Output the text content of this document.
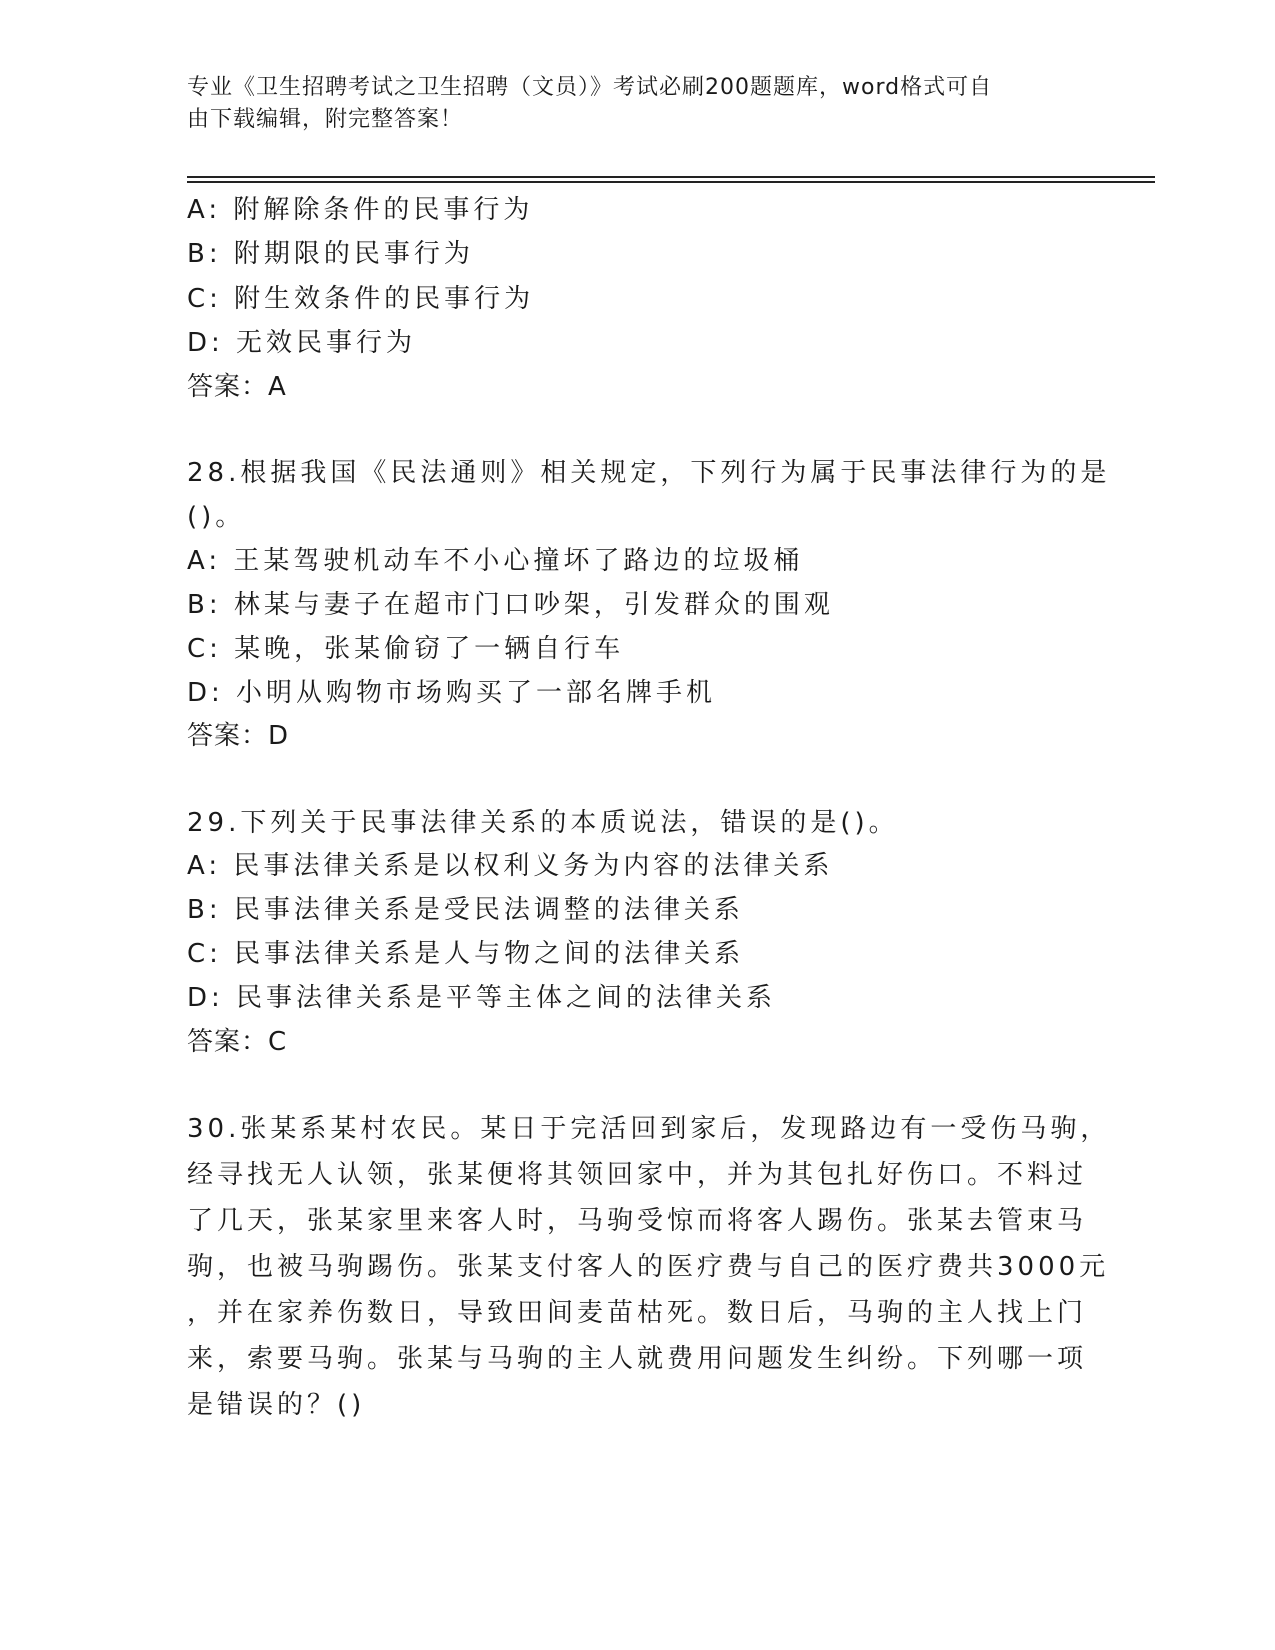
专业《卫生招聘考试之卫生招聘（文员）》考试必刷200题题库，word格式可自
由下载编辑，附完整答案！
A: 附解除条件的民事行为
B: 附期限的民事行为
C: 附生效条件的民事行为
D: 无效民事行为
答案：A
28.根据我国《民法通则》相关规定，下列行为属于民事法律行为的是
()。
A: 王某驾驶机动车不小心撞坏了路边的垃圾桶
B: 林某与妻子在超市门口吵架，引发群众的围观
C: 某晚，张某偷窃了一辆自行车
D: 小明从购物市场购买了一部名牌手机
答案：D
29.下列关于民事法律关系的本质说法，错误的是()。
A: 民事法律关系是以权利义务为内容的法律关系
B: 民事法律关系是受民法调整的法律关系
C: 民事法律关系是人与物之间的法律关系
D: 民事法律关系是平等主体之间的法律关系
答案：C
30.张某系某村农民。某日于完活回到家后，发现路边有一受伤马驹，
经寻找无人认领，张某便将其领回家中，并为其包扎好伤口。不料过
了几天，张某家里来客人时，马驹受惊而将客人踢伤。张某去管束马
驹，也被马驹踢伤。张某支付客人的医疗费与自己的医疗费共3000元
，并在家养伤数日，导致田间麦苗枯死。数日后，马驹的主人找上门
来，索要马驹。张某与马驹的主人就费用问题发生纠纷。下列哪一项
是错误的？()
